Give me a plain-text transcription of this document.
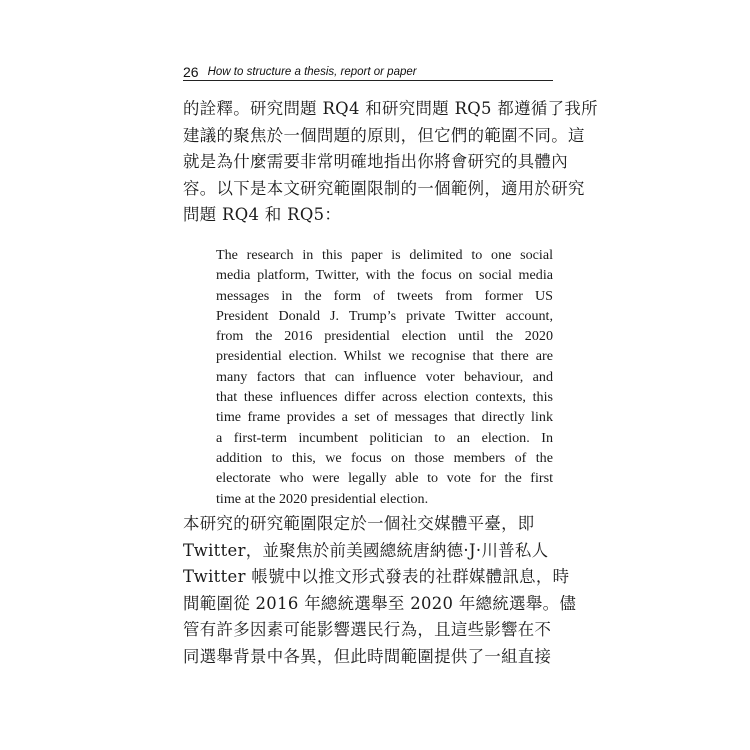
26 How to structure a thesis, report or paper
的詮釋。研究問題 RQ4 和研究問題 RQ5 都遵循了我所
建議的聚焦於一個問題的原則，但它們的範圍不同。這
就是為什麼需要非常明確地指出你將會研究的具體內
容。以下是本文研究範圍限制的一個範例，適用於研究
問題 RQ4 和 RQ5：
The research in this paper is delimited to one social
media platform, Twitter, with the focus on social media
messages in the form of tweets from former US
President Donald J. Trump’s private Twitter account,
from the 2016 presidential election until the 2020
presidential election. Whilst we recognise that there are
many factors that can influence voter behaviour, and
that these influences differ across election contexts, this
time frame provides a set of messages that directly link
a first-term incumbent politician to an election. In
addition to this, we focus on those members of the
electorate who were legally able to vote for the first
time at the 2020 presidential election.
本研究的研究範圍限定於一個社交媒體平臺，即
Twitter，並聚焦於前美國總統唐納德·J·川普私人
Twitter 帳號中以推文形式發表的社群媒體訊息，時
間範圍從 2016 年總統選舉至 2020 年總統選舉。儘
管有許多因素可能影響選民行為，且這些影響在不
同選舉背景中各異，但此時間範圍提供了一組直接
